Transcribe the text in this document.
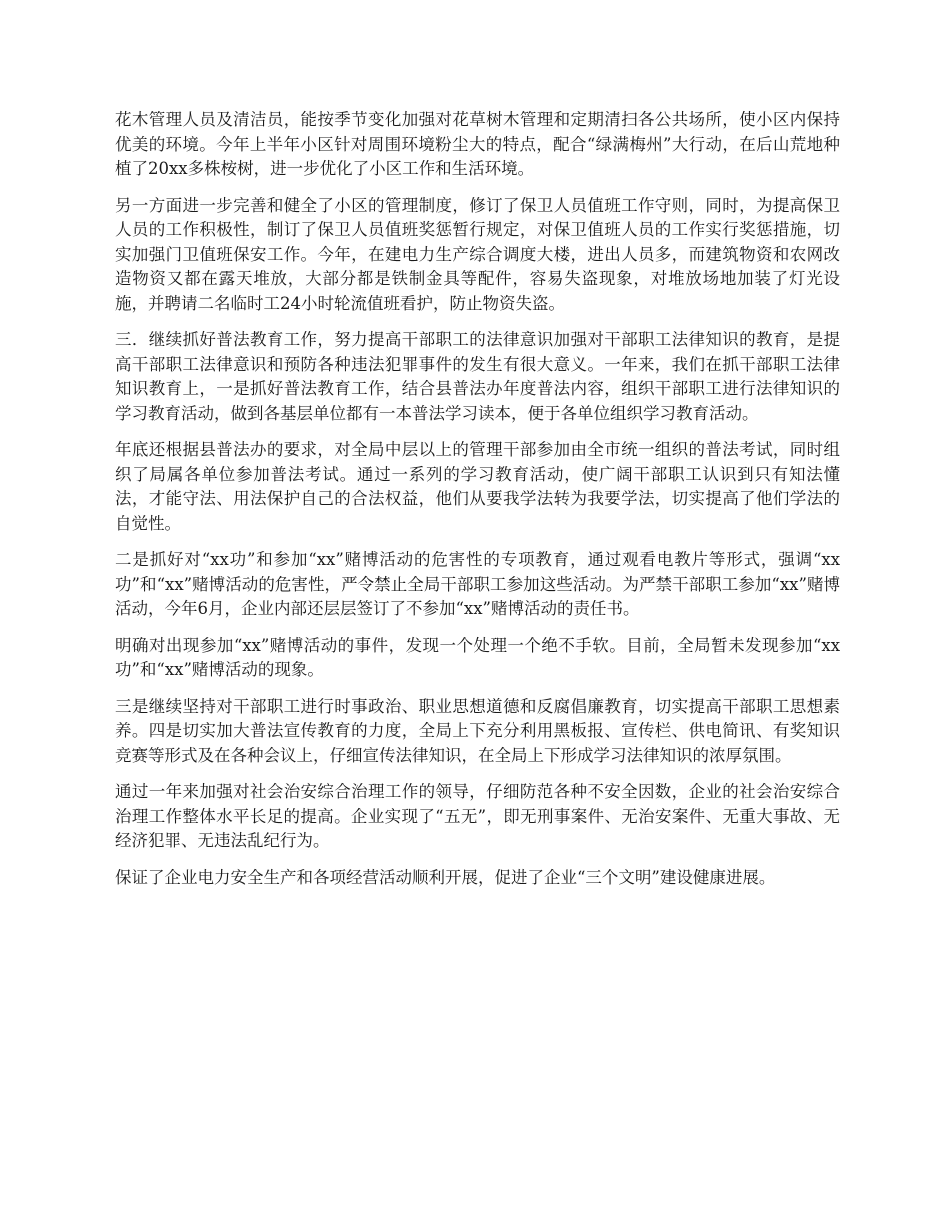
花木管理人员及清洁员，能按季节变化加强对花草树木管理和定期清扫各公共场所，使小区内保持优美的环境。今年上半年小区针对周围环境粉尘大的特点，配合“绿满梅州”大行动，在后山荒地种植了20xx多株桉树，进一步优化了小区工作和生活环境。

另一方面进一步完善和健全了小区的管理制度，修订了保卫人员值班工作守则，同时，为提高保卫人员的工作积极性，制订了保卫人员值班奖惩暂行规定，对保卫值班人员的工作实行奖惩措施，切实加强门卫值班保安工作。今年，在建电力生产综合调度大楼，进出人员多，而建筑物资和农网改造物资又都在露天堆放，大部分都是铁制金具等配件，容易失盗现象，对堆放场地加装了灯光设施，并聘请二名临时工24小时轮流值班看护，防止物资失盗。

三．继续抓好普法教育工作，努力提高干部职工的法律意识加强对干部职工法律知识的教育，是提高干部职工法律意识和预防各种违法犯罪事件的发生有很大意义。一年来，我们在抓干部职工法律知识教育上，一是抓好普法教育工作，结合县普法办年度普法内容，组织干部职工进行法律知识的学习教育活动，做到各基层单位都有一本普法学习读本，便于各单位组织学习教育活动。

年底还根据县普法办的要求，对全局中层以上的管理干部参加由全市统一组织的普法考试，同时组织了局属各单位参加普法考试。通过一系列的学习教育活动，使广阔干部职工认识到只有知法懂法，才能守法、用法保护自己的合法权益，他们从要我学法转为我要学法，切实提高了他们学法的自觉性。

二是抓好对“xx功”和参加“xx”赌博活动的危害性的专项教育，通过观看电教片等形式，强调“xx功”和“xx”赌博活动的危害性，严令禁止全局干部职工参加这些活动。为严禁干部职工参加“xx”赌博活动，今年6月，企业内部还层层签订了不参加“xx”赌博活动的责任书。

明确对出现参加“xx”赌博活动的事件，发现一个处理一个绝不手软。目前，全局暂未发现参加“xx功”和“xx”赌博活动的现象。

三是继续坚持对干部职工进行时事政治、职业思想道德和反腐倡廉教育，切实提高干部职工思想素养。四是切实加大普法宣传教育的力度，全局上下充分利用黑板报、宣传栏、供电简讯、有奖知识竞赛等形式及在各种会议上，仔细宣传法律知识，在全局上下形成学习法律知识的浓厚氛围。

通过一年来加强对社会治安综合治理工作的领导，仔细防范各种不安全因数，企业的社会治安综合治理工作整体水平长足的提高。企业实现了“五无”，即无刑事案件、无治安案件、无重大事故、无经济犯罪、无违法乱纪行为。

保证了企业电力安全生产和各项经营活动顺利开展，促进了企业“三个文明”建设健康进展。
